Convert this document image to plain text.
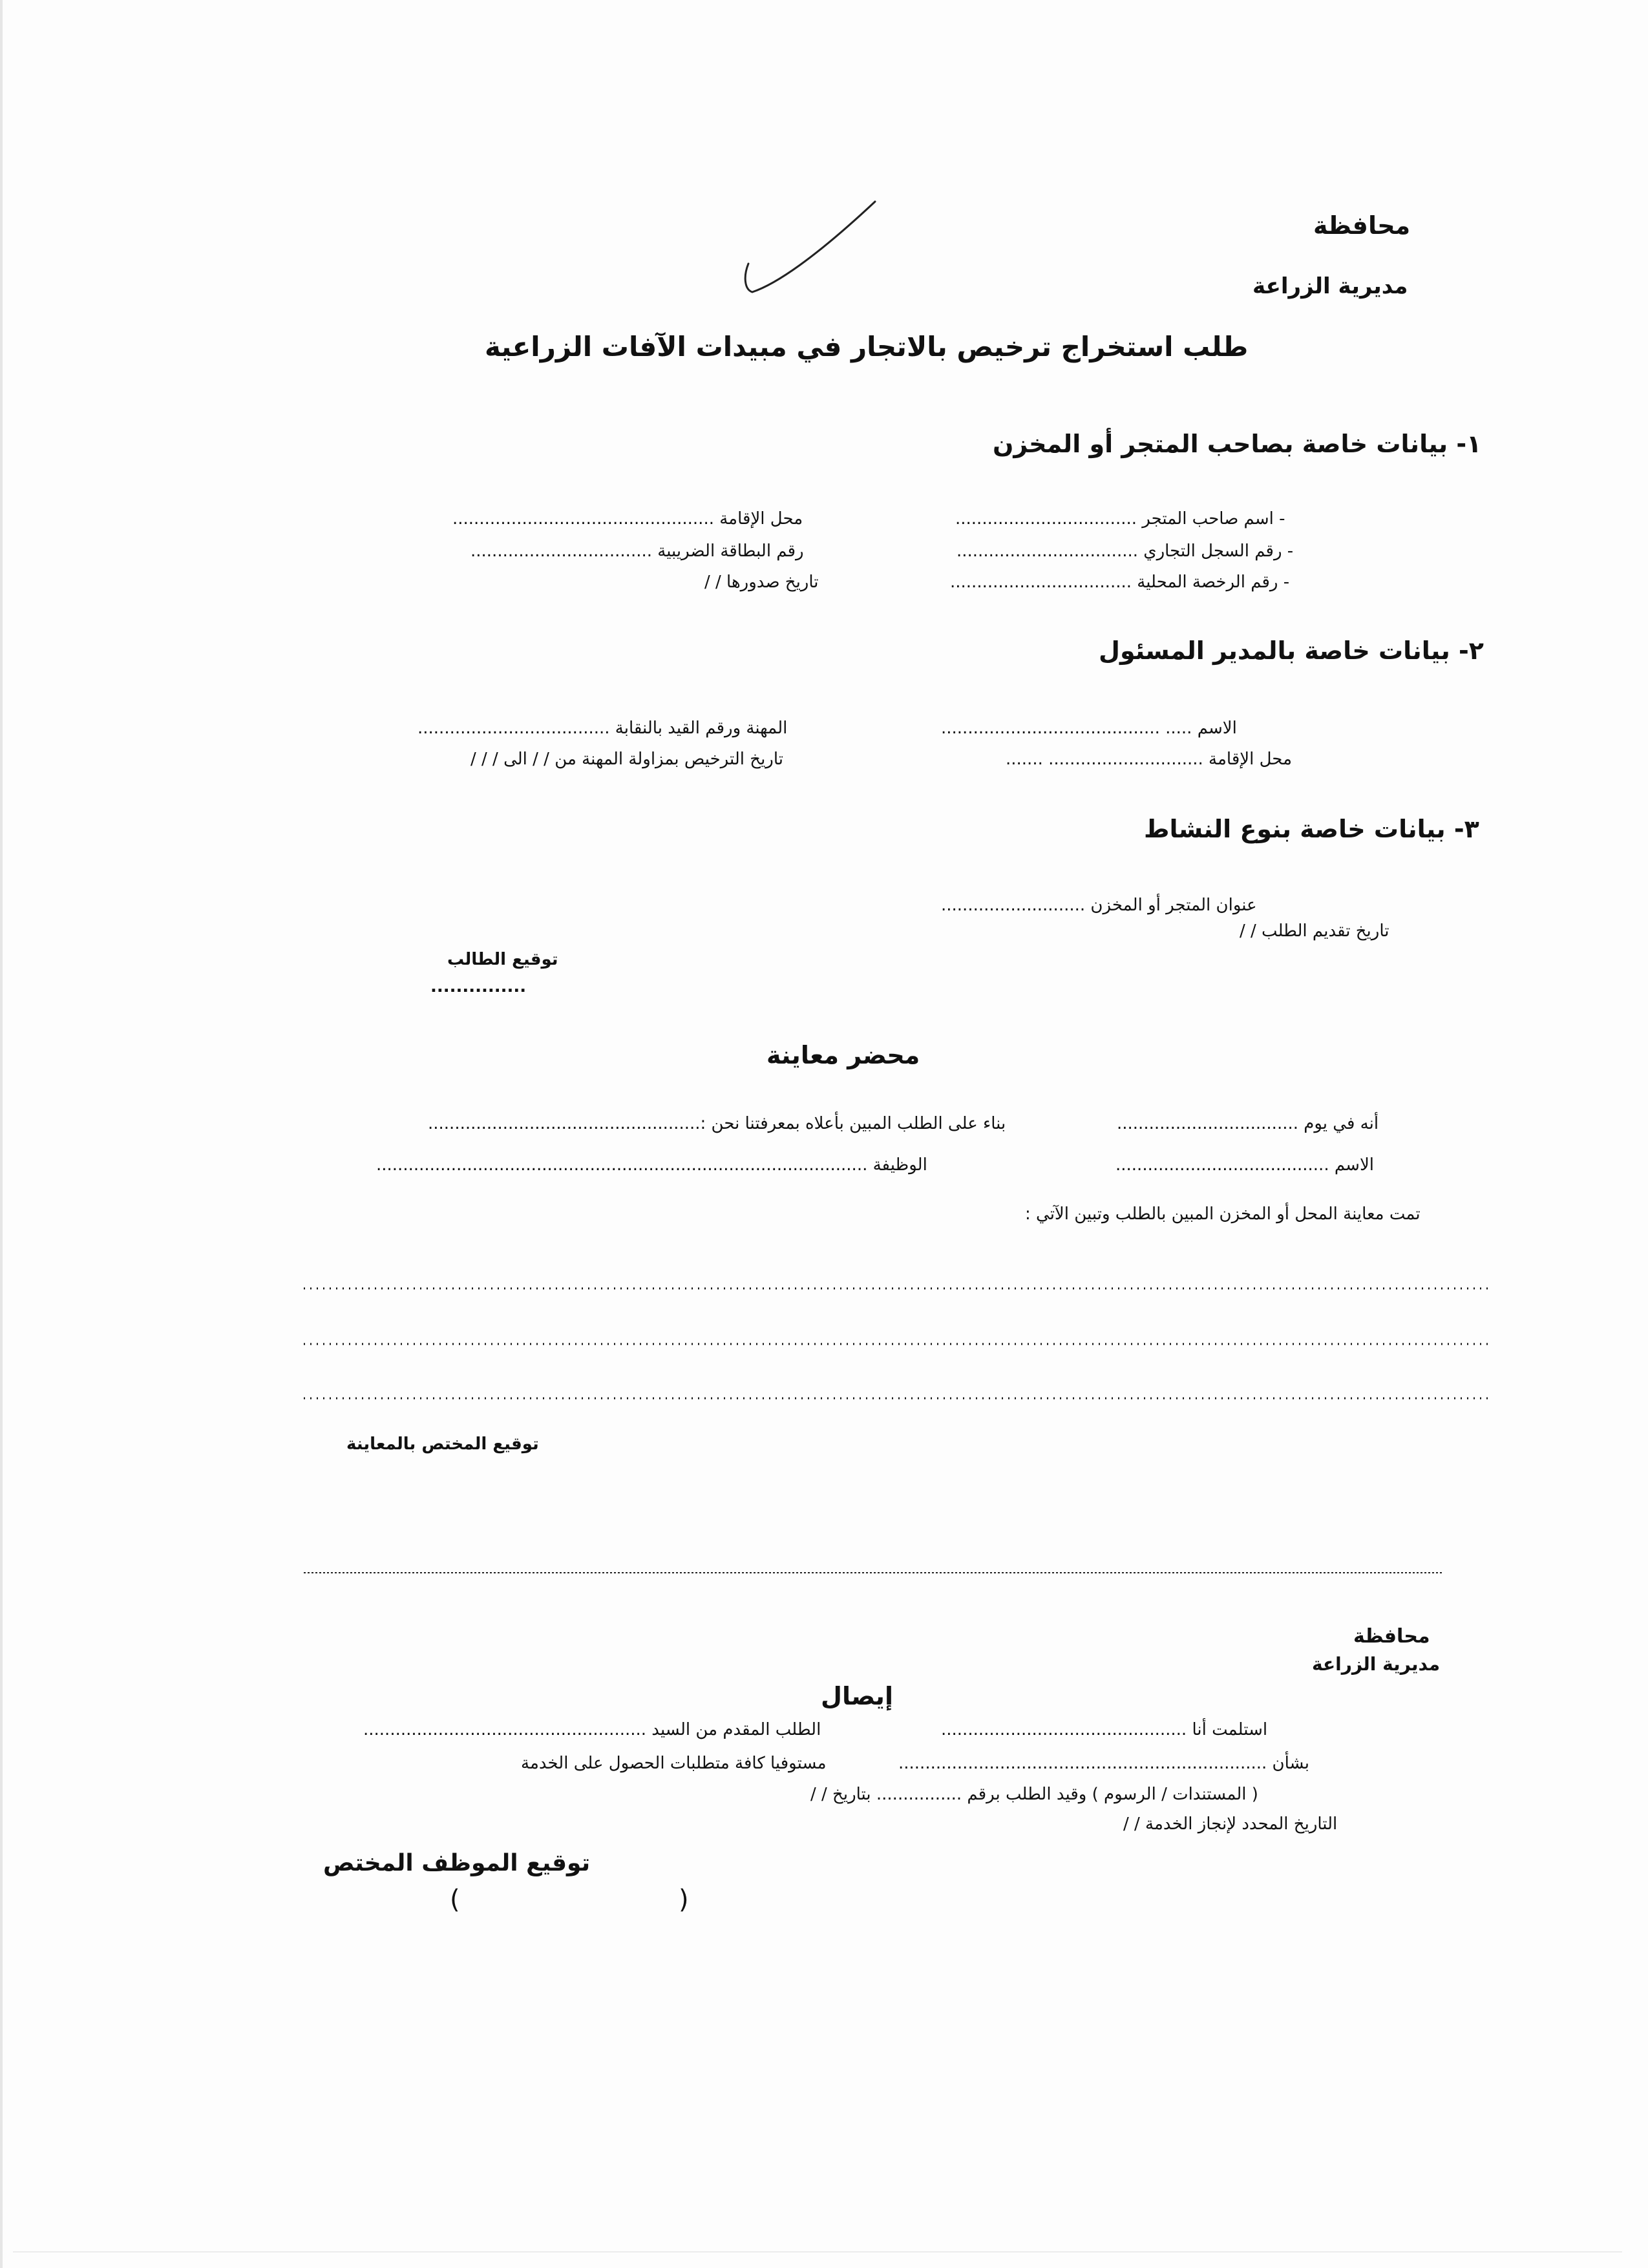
محافظة
مديرية الزراعة
طلب استخراج ترخيص بالاتجار في مبيدات الآفات الزراعية
١- بيانات خاصة بصاحب المتجر أو المخزن
- اسم صاحب المتجر ..................................
محل الإقامة .................................................
- رقم السجل التجاري ..................................
رقم البطاقة الضريبية ..................................
- رقم الرخصة المحلية ..................................
تاريخ صدورها / /
٢- بيانات خاصة بالمدير المسئول
الاسم ..... .........................................
المهنة ورقم القيد بالنقابة ....................................
محل الإقامة ............................. .......
تاريخ الترخيص بمزاولة المهنة من / / الى / / /
٣- بيانات خاصة بنوع النشاط
عنوان المتجر أو المخزن ...........................
تاريخ تقديم الطلب / /
توقيع الطالب
...............
محضر معاينة
أنه في يوم ..................................
بناء على الطلب المبين بأعلاه بمعرفتنا نحن :...................................................
الاسم ........................................
الوظيفة ............................................................................................
تمت معاينة المحل أو المخزن المبين بالطلب وتبين الآتي :
توقيع المختص بالمعاينة
محافظة
مديرية الزراعة
إيصال
استلمت أنا ..............................................
الطلب المقدم من السيد .....................................................
بشأن .....................................................................
مستوفيا كافة متطلبات الحصول على الخدمة
( المستندات / الرسوم ) وقيد الطلب برقم ................ بتاريخ / /
التاريخ المحدد لإنجاز الخدمة / /
توقيع الموظف المختص
(
)
